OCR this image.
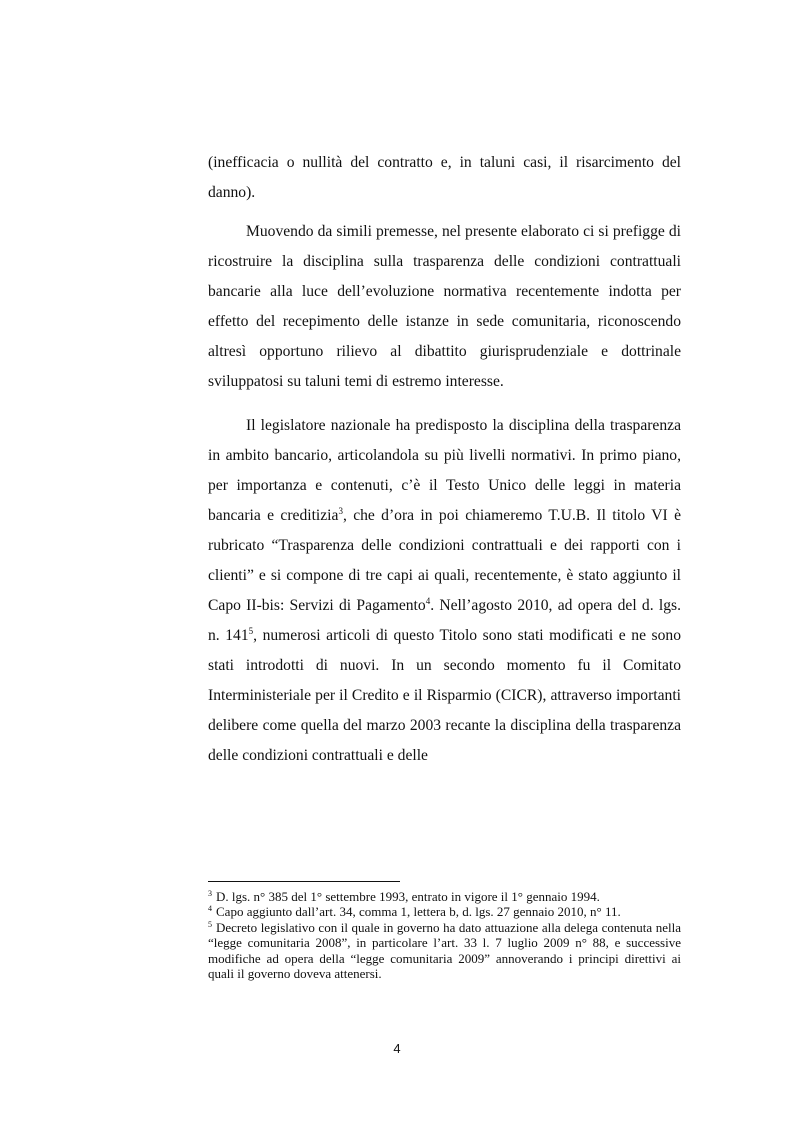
(inefficacia o nullità del contratto e, in taluni casi, il risarcimento del danno).

Muovendo da simili premesse, nel presente elaborato ci si prefigge di ricostruire la disciplina sulla trasparenza delle condizioni contrattuali bancarie alla luce dell’evoluzione normativa recentemente indotta per effetto del recepimento delle istanze in sede comunitaria, riconoscendo altresì opportuno rilievo al dibattito giurisprudenziale e dottrinale sviluppatosi su taluni temi di estremo interesse.

Il legislatore nazionale ha predisposto la disciplina della trasparenza in ambito bancario, articolandola su più livelli normativi. In primo piano, per importanza e contenuti, c’è il Testo Unico delle leggi in materia bancaria e creditizia$^3$, che d’ora in poi chiameremo T.U.B. Il titolo VI è rubricato “Trasparenza delle condizioni contrattuali e dei rapporti con i clienti” e si compone di tre capi ai quali, recentemente, è stato aggiunto il Capo II-bis: Servizi di Pagamento$^4$. Nell’agosto 2010, ad opera del d. lgs. n. $141^5$, numerosi articoli di questo Titolo sono stati modificati e ne sono stati introdotti di nuovi. In un secondo momento fu il Comitato Interministeriale per il Credito e il Risparmio (CICR), attraverso importanti delibere come quella del marzo 2003 recante la disciplina della trasparenza delle condizioni contrattuali e delle

$^3$ D. lgs. n° 385 del 1° settembre 1993, entrato in vigore il 1° gennaio 1994.

$^4$ Capo aggiunto dall’art. 34, comma 1, lettera b, d. lgs. 27 gennaio 2010, n° 11.

$^5$ Decreto legislativo con il quale in governo ha dato attuazione alla delega contenuta nella “legge comunitaria 2008”, in particolare l’art. 33 l. 7 luglio 2009 n° 88, e successive modifiche ad opera della “legge comunitaria 2009” annoverando i principi direttivi ai quali il governo doveva attenersi.

4
